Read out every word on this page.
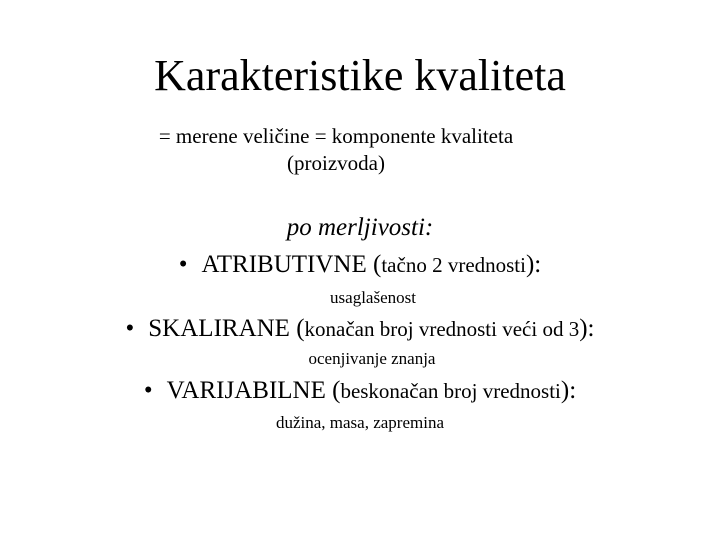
Karakteristike kvaliteta
= merene veličine = komponente kvaliteta
(proizvoda)
po merljivosti:
• ATRIBUTIVNE (tačno 2 vrednosti):
usaglašenost
• SKALIRANE (konačan broj vrednosti veći od 3):
ocenjivanje znanja
• VARIJABILNE (beskonačan broj vrednosti):
dužina, masa, zapremina
